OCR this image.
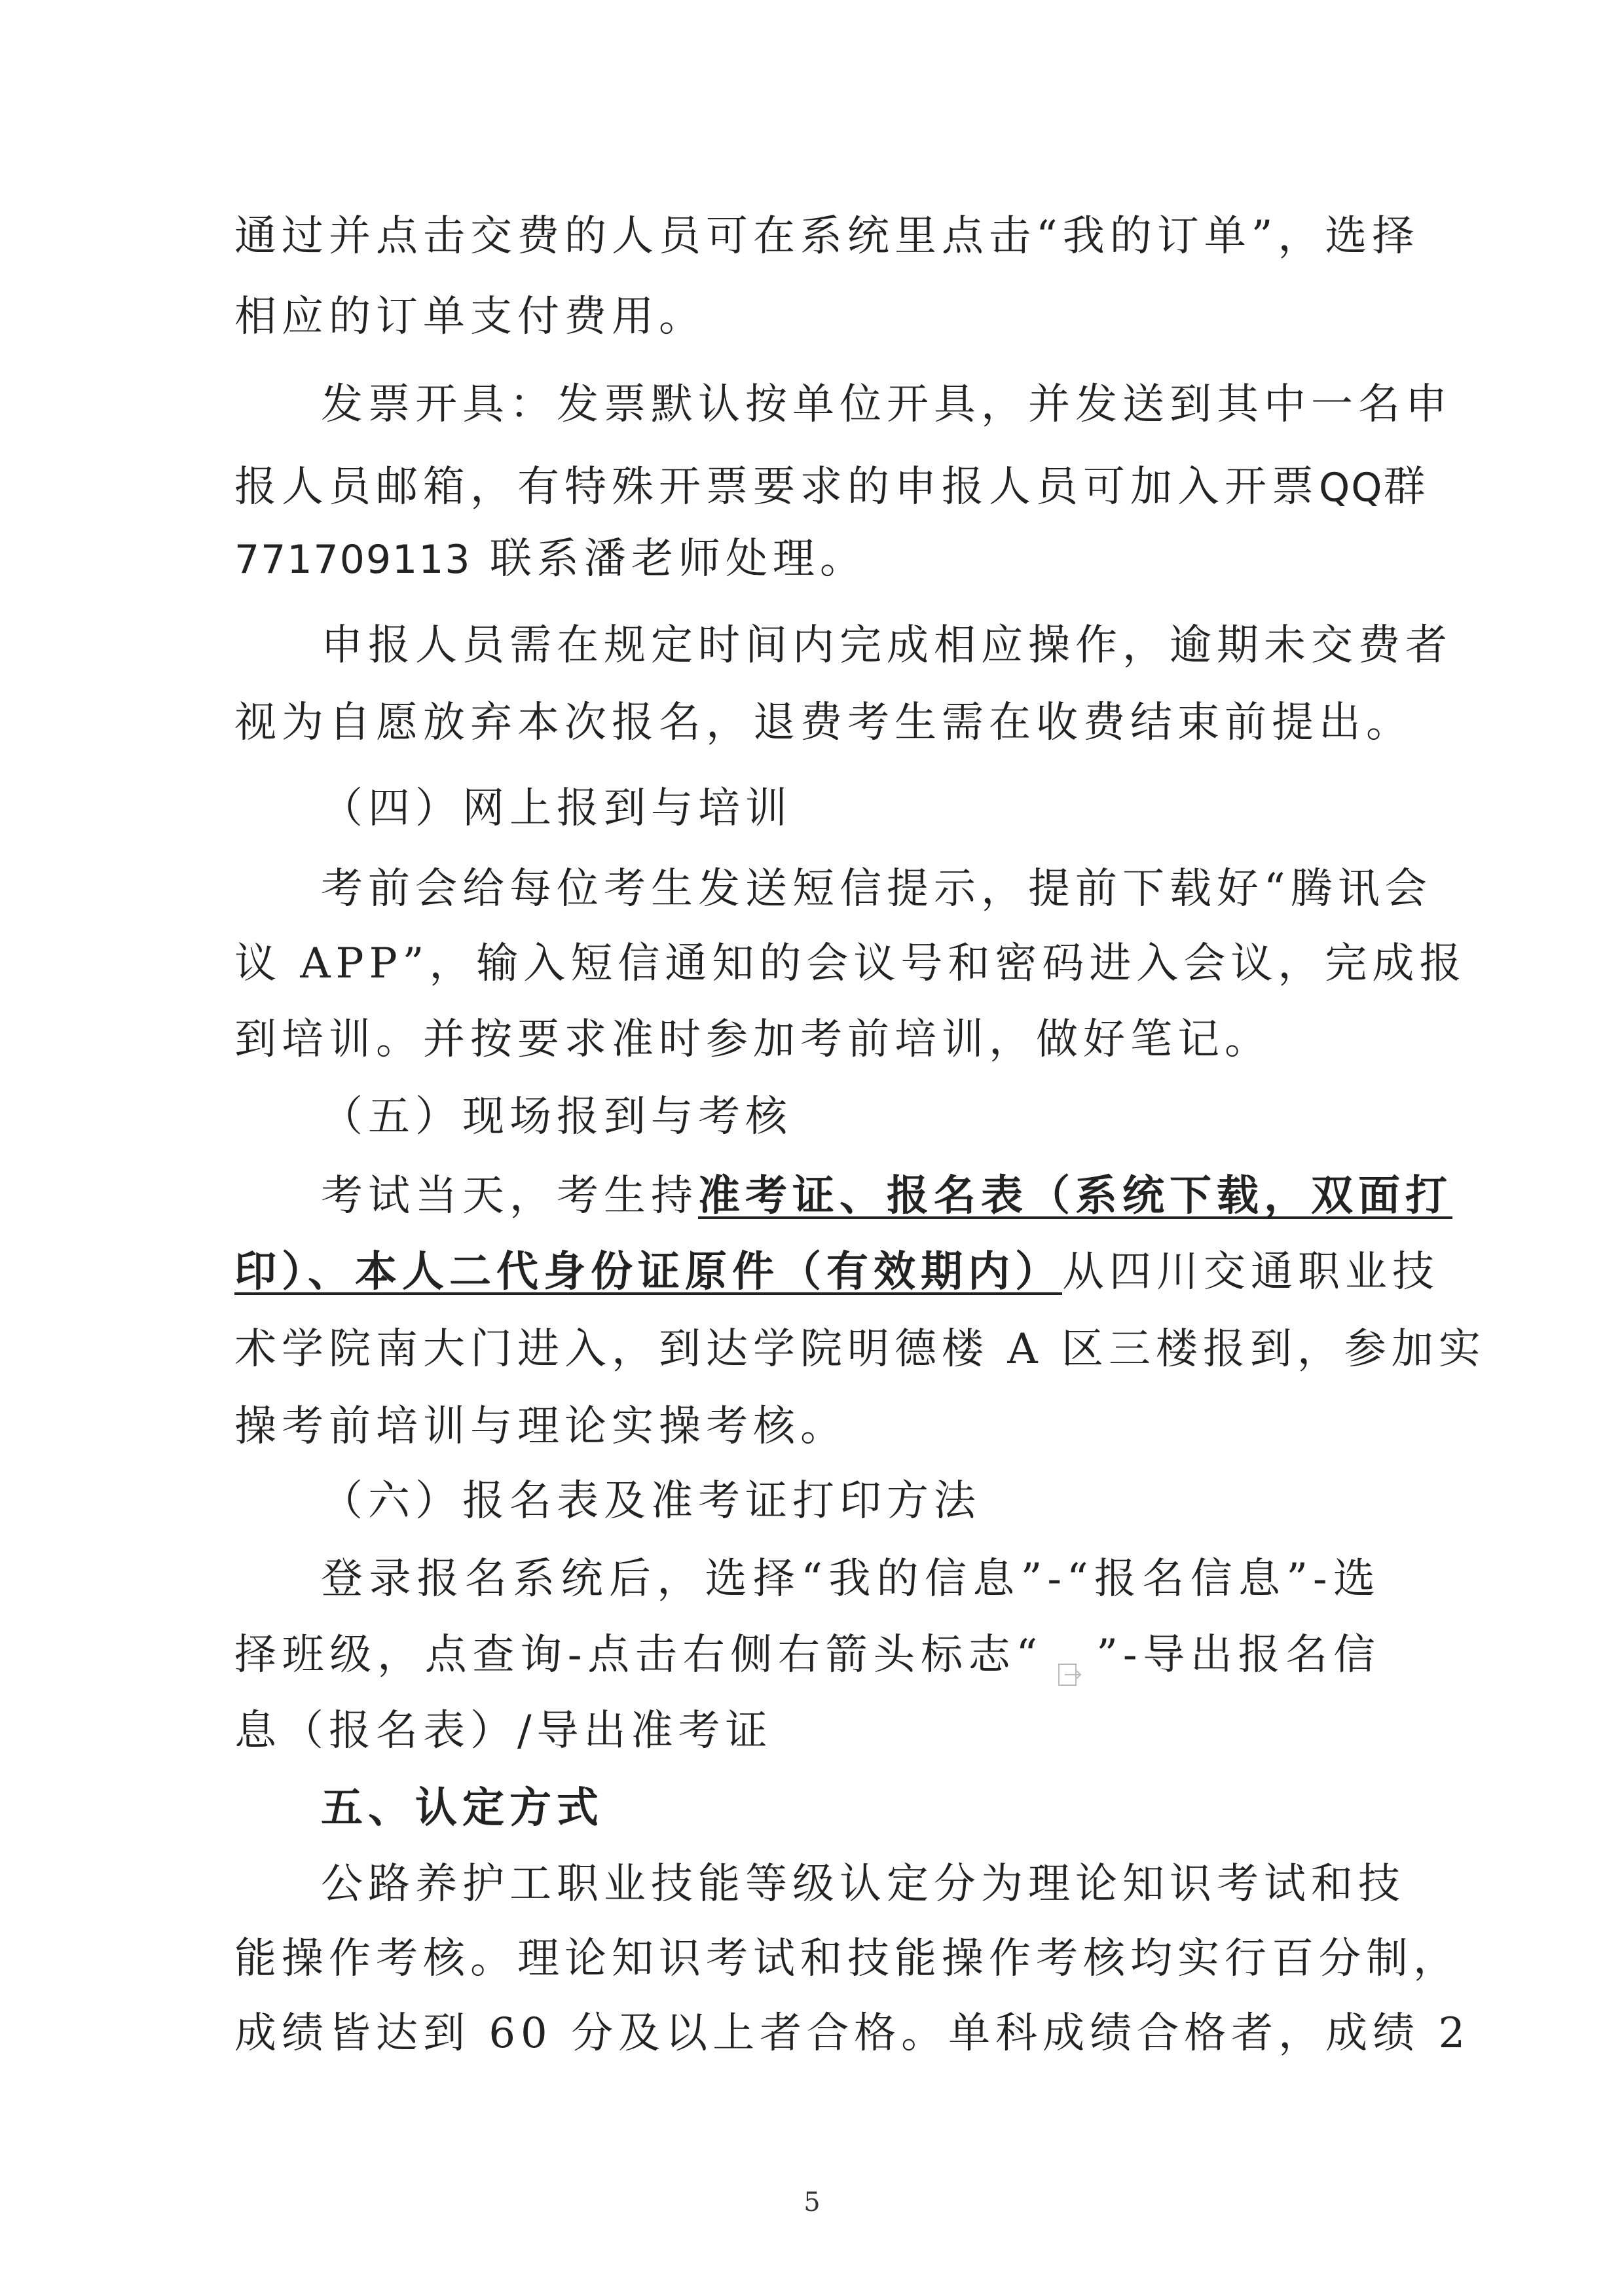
通过并点击交费的人员可在系统里点击“我的订单”，选择
相应的订单支付费用。
发票开具：发票默认按单位开具，并发送到其中一名申
报人员邮箱，有特殊开票要求的申报人员可加入开票QQ群
771709113 联系潘老师处理。
申报人员需在规定时间内完成相应操作，逾期未交费者
视为自愿放弃本次报名，退费考生需在收费结束前提出。
（四）网上报到与培训
考前会给每位考生发送短信提示，提前下载好“腾讯会
议 APP”，输入短信通知的会议号和密码进入会议，完成报
到培训。并按要求准时参加考前培训，做好笔记。
（五）现场报到与考核
考试当天，考生持准考证、报名表（系统下载，双面打
印）、本人二代身份证原件（有效期内）从四川交通职业技
术学院南大门进入，到达学院明德楼 A 区三楼报到，参加实
操考前培训与理论实操考核。
（六）报名表及准考证打印方法
登录报名系统后，选择“我的信息”-“报名信息”-选
择班级，点查询-点击右侧右箭头标志“ ”-导出报名信
息（报名表）/导出准考证
五、认定方式
公路养护工职业技能等级认定分为理论知识考试和技
能操作考核。理论知识考试和技能操作考核均实行百分制，
成绩皆达到 60 分及以上者合格。单科成绩合格者，成绩 2
5
